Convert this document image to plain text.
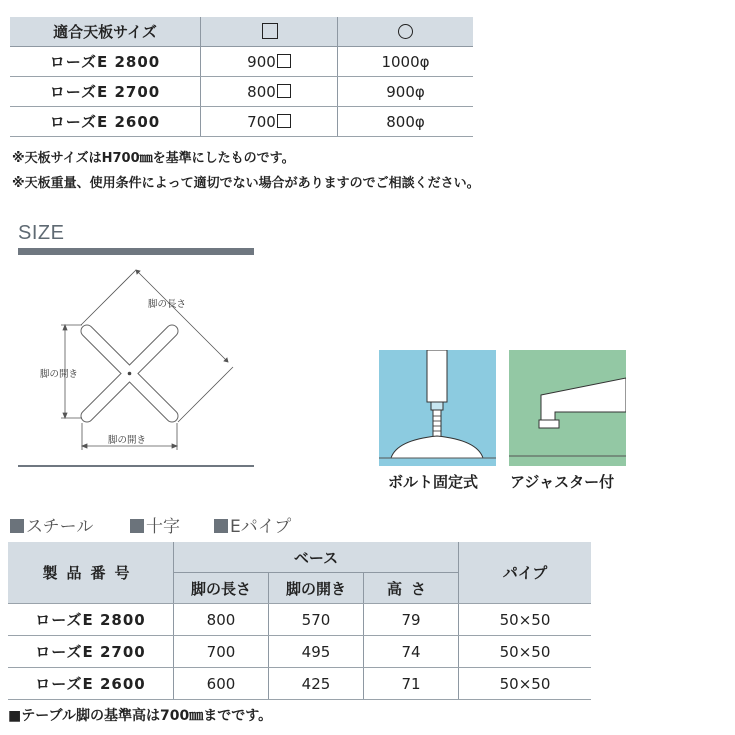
適合天板サイズ		
ローズE 2800	900	1000φ
ローズE 2700	800	900φ
ローズE 2600	700	800φ
※天板サイズはH700㎜を基準にしたものです。
※天板重量、使用条件によって適切でない場合がありますのでご相談ください。
SIZE
脚の長さ
脚の開き
脚の開き
ボルト固定式 アジャスター付
スチール	十字	Eパイプ
製品番号	ベース			パイプ
	脚の長さ	脚の開き	高さ	
ローズE 2800	800	570	79	50×50
ローズE 2700	700	495	74	50×50
ローズE 2600	600	425	71	50×50
■テーブル脚の基準高は700㎜までです。
